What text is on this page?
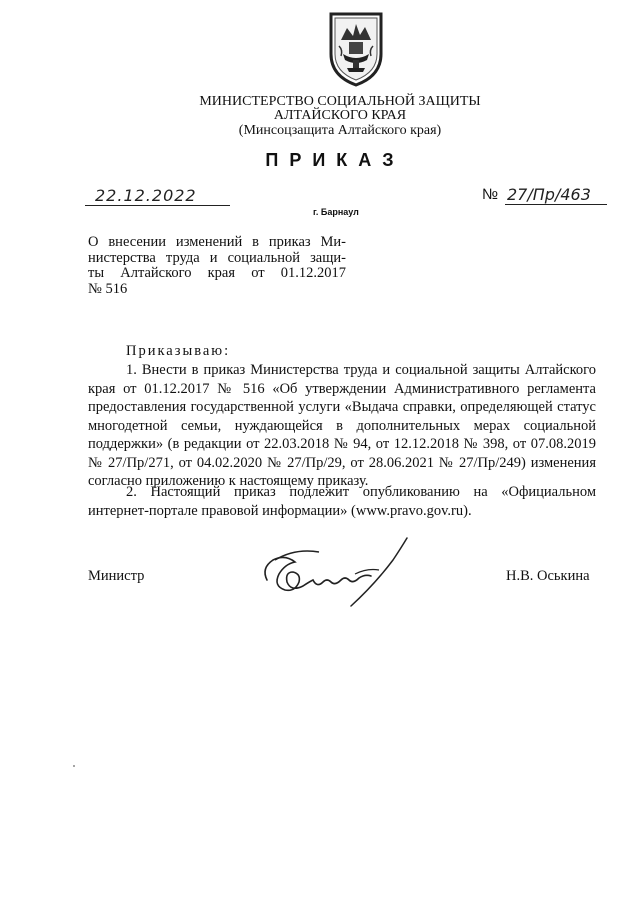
МИНИСТЕРСТВО СОЦИАЛЬНОЙ ЗАЩИТЫ
АЛТАЙСКОГО КРАЯ
(Минсоцзащита Алтайского края)
ПРИКАЗ
22.12.2022	№ 27/Пр/463
г. Барнаул
О внесении изменений в приказ Ми-
нистерства труда и социальной защи-
ты Алтайского края от 01.12.2017
№ 516
Приказываю:

1. Внести в приказ Министерства труда и социальной защиты Алтайского края от 01.12.2017 № 516 «Об утверждении Административного регламента предоставления государственной услуги «Выдача справки, определяющей статус многодетной семьи, нуждающейся в дополнительных мерах социальной поддержки» (в редакции от 22.03.2018 № 94, от 12.12.2018 № 398, от 07.08.2019 № 27/Пр/271, от 04.02.2020 № 27/Пр/29, от 28.06.2021 № 27/Пр/249) изменения согласно приложению к настоящему приказу.

2. Настоящий приказ подлежит опубликованию на «Официальном интернет-портале правовой информации» (www.pravo.gov.ru).

Министр	Н.В. Оськина
